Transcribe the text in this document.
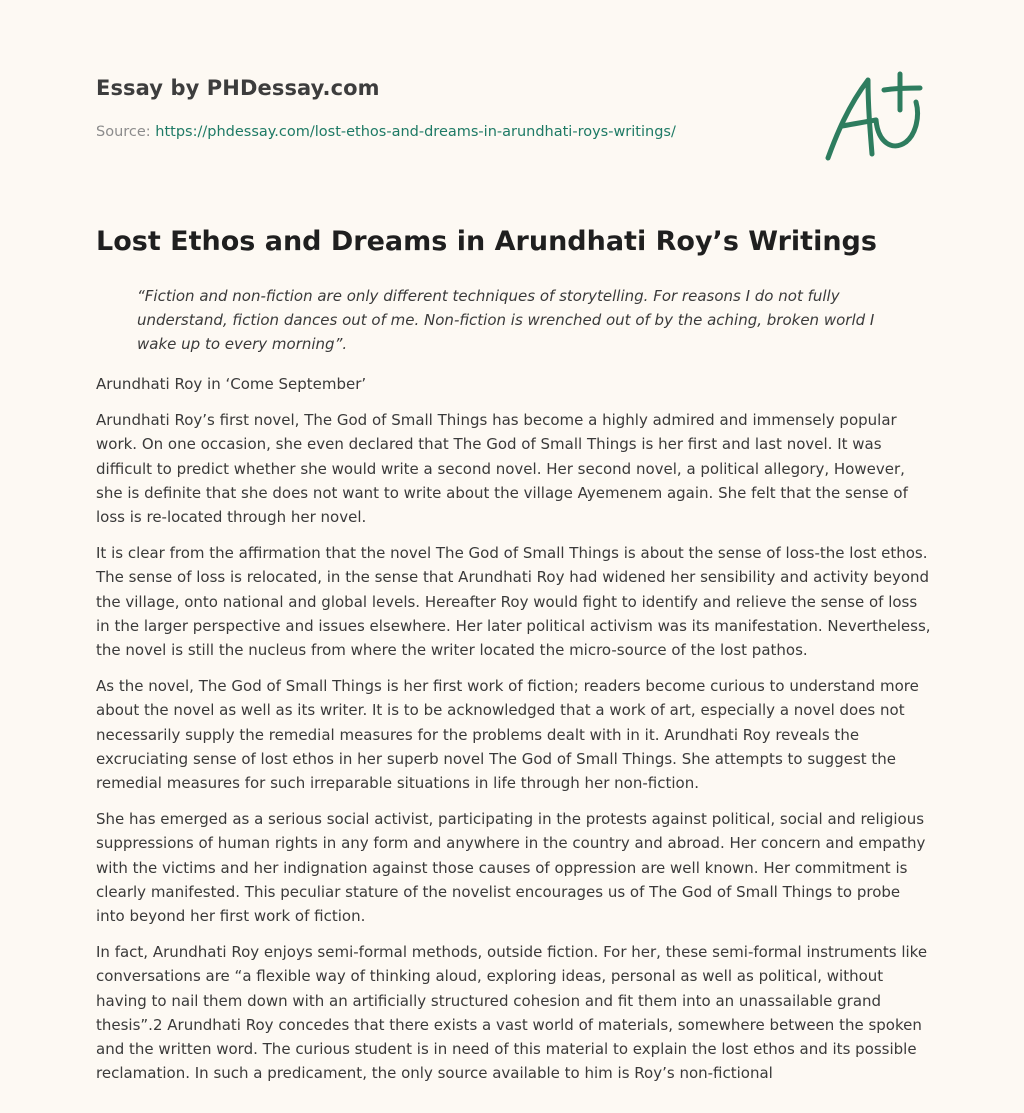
Essay by PHDessay.com
Source: https://phdessay.com/lost-ethos-and-dreams-in-arundhati-roys-writings/
Lost Ethos and Dreams in Arundhati Roy’s Writings

“Fiction and non-fiction are only different techniques of storytelling. For reasons I do not fully understand, fiction dances out of me. Non-fiction is wrenched out of by the aching, broken world I wake up to every morning”.

Arundhati Roy in ‘Come September’

Arundhati Roy’s first novel, The God of Small Things has become a highly admired and immensely popular work. On one occasion, she even declared that The God of Small Things is her first and last novel. It was difficult to predict whether she would write a second novel. Her second novel, a political allegory, However, she is definite that she does not want to write about the village Ayemenem again. She felt that the sense of loss is re-located through her novel.

It is clear from the affirmation that the novel The God of Small Things is about the sense of loss-the lost ethos. The sense of loss is relocated, in the sense that Arundhati Roy had widened her sensibility and activity beyond the village, onto national and global levels. Hereafter Roy would fight to identify and relieve the sense of loss in the larger perspective and issues elsewhere. Her later political activism was its manifestation. Nevertheless, the novel is still the nucleus from where the writer located the micro-source of the lost pathos.

As the novel, The God of Small Things is her first work of fiction; readers become curious to understand more about the novel as well as its writer. It is to be acknowledged that a work of art, especially a novel does not necessarily supply the remedial measures for the problems dealt with in it. Arundhati Roy reveals the excruciating sense of lost ethos in her superb novel The God of Small Things. She attempts to suggest the remedial measures for such irreparable situations in life through her non-fiction.

She has emerged as a serious social activist, participating in the protests against political, social and religious suppressions of human rights in any form and anywhere in the country and abroad. Her concern and empathy with the victims and her indignation against those causes of oppression are well known. Her commitment is clearly manifested. This peculiar stature of the novelist encourages us of The God of Small Things to probe into beyond her first work of fiction.

In fact, Arundhati Roy enjoys semi-formal methods, outside fiction. For her, these semi-formal instruments like conversations are “a flexible way of thinking aloud, exploring ideas, personal as well as political, without having to nail them down with an artificially structured cohesion and fit them into an unassailable grand thesis”.2 Arundhati Roy concedes that there exists a vast world of materials, somewhere between the spoken and the written word. The curious student is in need of this material to explain the lost ethos and its possible reclamation. In such a predicament, the only source available to him is Roy’s non-fictional
